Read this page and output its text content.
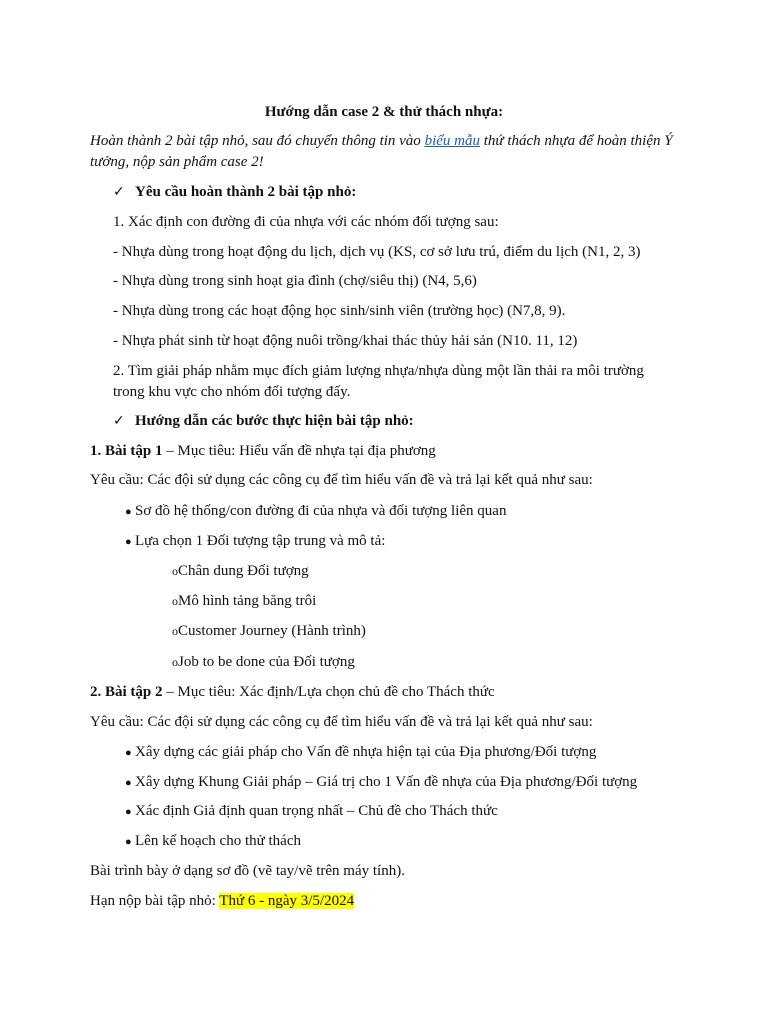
Hướng dẫn case 2 & thử thách nhựa:
Hoàn thành 2 bài tập nhỏ, sau đó chuyển thông tin vào biểu mẫu thứ thách nhựa để hoàn thiện Ý tưởng, nộp sản phẩm case 2!
✓ Yêu cầu hoàn thành 2 bài tập nhỏ:
1. Xác định con đường đi của nhựa với các nhóm đối tượng sau:
- Nhựa dùng trong hoạt động du lịch, dịch vụ (KS, cơ sở lưu trú, điểm du lịch (N1, 2, 3)
- Nhựa dùng trong sinh hoạt gia đình (chợ/siêu thị) (N4, 5,6)
- Nhựa dùng trong các hoạt động học sinh/sinh viên (trường học) (N7,8, 9).
- Nhựa phát sinh từ hoạt động nuôi trồng/khai thác thủy hải sản (N10. 11, 12)
2. Tìm giải pháp nhằm mục đích giảm lượng nhựa/nhựa dùng một lần thải ra môi trường trong khu vực cho nhóm đối tượng đấy.
✓ Hướng dẫn các bước thực hiện bài tập nhỏ:
1. Bài tập 1 – Mục tiêu: Hiểu vấn đề nhựa tại địa phương
Yêu cầu: Các đội sử dụng các công cụ để tìm hiểu vấn đề và trả lại kết quả như sau:
● Sơ đồ hệ thống/con đường đi của nhựa và đối tượng liên quan
● Lựa chọn 1 Đối tượng tập trung và mô tả:
oChân dung Đối tượng
oMô hình tảng băng trôi
oCustomer Journey (Hành trình)
oJob to be done của Đối tượng
2. Bài tập 2 – Mục tiêu: Xác định/Lựa chọn chủ đề cho Thách thức
Yêu cầu: Các đội sử dụng các công cụ để tìm hiểu vấn đề và trả lại kết quả như sau:
● Xây dựng các giải pháp cho Vấn đề nhựa hiện tại của Địa phương/Đối tượng
● Xây dựng Khung Giải pháp – Giá trị cho 1 Vấn đề nhựa của Địa phương/Đối tượng
● Xác định Giả định quan trọng nhất – Chủ đề cho Thách thức
● Lên kế hoạch cho thử thách
Bài trình bày ở dạng sơ đồ (vẽ tay/vẽ trên máy tính).
Hạn nộp bài tập nhỏ: Thứ 6 - ngày 3/5/2024
